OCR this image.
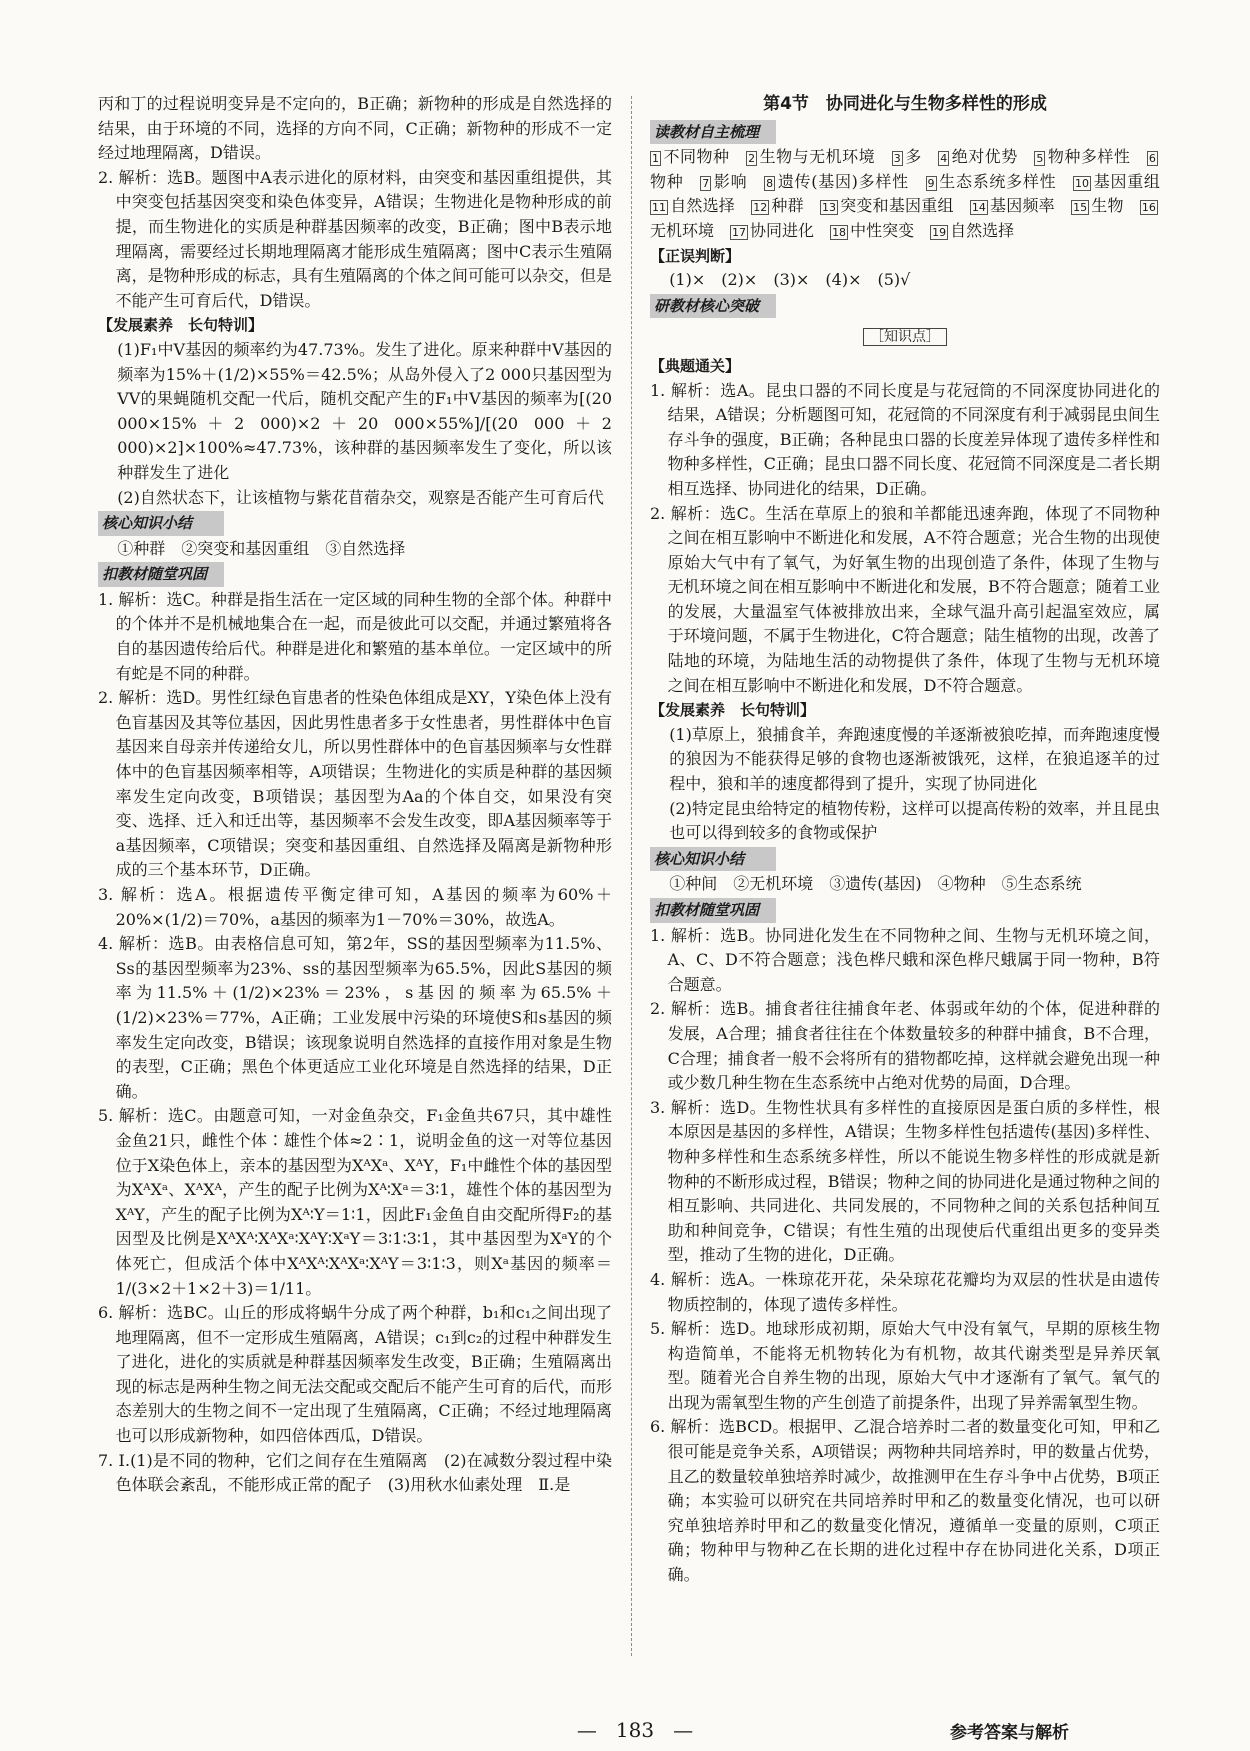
丙和丁的过程说明变异是不定向的，B正确；新物种的形成是自然选择的结果，由于环境的不同，选择的方向不同，C正确；新物种的形成不一定经过地理隔离，D错误。

2. 解析：选B。题图中A表示进化的原材料，由突变和基因重组提供，其中突变包括基因突变和染色体变异，A错误；生物进化是物种形成的前提，而生物进化的实质是种群基因频率的改变，B正确；图中B表示地理隔离，需要经过长期地理隔离才能形成生殖隔离；图中C表示生殖隔离，是物种形成的标志，具有生殖隔离的个体之间可能可以杂交，但是不能产生可育后代，D错误。

【发展素养　长句特训】

(1)F₁中V基因的频率约为47.73%。发生了进化。原来种群中V基因的频率为15%＋(1/2)×55%＝42.5%；从岛外侵入了2 000只基因型为VV的果蝇随机交配一代后，随机交配产生的F₁中V基因的频率为[(20 000×15%＋2 000)×2＋20 000×55%]/[(20 000＋2 000)×2]×100%≈47.73%，该种群的基因频率发生了变化，所以该种群发生了进化

(2)自然状态下，让该植物与紫花苜蓿杂交，观察是否能产生可育后代

核心知识小结

①种群　②突变和基因重组　③自然选择

扣教材随堂巩固

1. 解析：选C。种群是指生活在一定区域的同种生物的全部个体。种群中的个体并不是机械地集合在一起，而是彼此可以交配，并通过繁殖将各自的基因遗传给后代。种群是进化和繁殖的基本单位。一定区域中的所有蛇是不同的种群。

2. 解析：选D。男性红绿色盲患者的性染色体组成是XY，Y染色体上没有色盲基因及其等位基因，因此男性患者多于女性患者，男性群体中色盲基因来自母亲并传递给女儿，所以男性群体中的色盲基因频率与女性群体中的色盲基因频率相等，A项错误；生物进化的实质是种群的基因频率发生定向改变，B项错误；基因型为Aa的个体自交，如果没有突变、选择、迁入和迁出等，基因频率不会发生改变，即A基因频率等于a基因频率，C项错误；突变和基因重组、自然选择及隔离是新物种形成的三个基本环节，D正确。

3. 解析：选A。根据遗传平衡定律可知，A基因的频率为60%＋20%×(1/2)＝70%，a基因的频率为1－70%＝30%，故选A。

4. 解析：选B。由表格信息可知，第2年，SS的基因型频率为11.5%、Ss的基因型频率为23%、ss的基因型频率为65.5%，因此S基因的频率为11.5%＋(1/2)×23%＝23%，s基因的频率为65.5%＋(1/2)×23%＝77%，A正确；工业发展中污染的环境使S和s基因的频率发生定向改变，B错误；该现象说明自然选择的直接作用对象是生物的表型，C正确；黑色个体更适应工业化环境是自然选择的结果，D正确。

5. 解析：选C。由题意可知，一对金鱼杂交，F₁金鱼共67只，其中雄性金鱼21只，雌性个体∶雄性个体≈2∶1，说明金鱼的这一对等位基因位于X染色体上，亲本的基因型为XᴬXᵃ、XᴬY，F₁中雌性个体的基因型为XᴬXᵃ、XᴬXᴬ，产生的配子比例为Xᴬ∶Xᵃ＝3∶1，雄性个体的基因型为XᴬY，产生的配子比例为Xᴬ∶Y＝1∶1，因此F₁金鱼自由交配所得F₂的基因型及比例是XᴬXᴬ∶XᴬXᵃ∶XᴬY∶XᵃY＝3∶1∶3∶1，其中基因型为XᵃY的个体死亡，但成活个体中XᴬXᴬ∶XᴬXᵃ∶XᴬY＝3∶1∶3，则Xᵃ基因的频率＝1/(3×2＋1×2＋3)＝1/11。

6. 解析：选BC。山丘的形成将蜗牛分成了两个种群，b₁和c₁之间出现了地理隔离，但不一定形成生殖隔离，A错误；c₁到c₂的过程中种群发生了进化，进化的实质就是种群基因频率发生改变，B正确；生殖隔离出现的标志是两种生物之间无法交配或交配后不能产生可育的后代，而形态差别大的生物之间不一定出现了生殖隔离，C正确；不经过地理隔离也可以形成新物种，如四倍体西瓜，D错误。

7. Ⅰ.(1)是不同的物种，它们之间存在生殖隔离　(2)在减数分裂过程中染色体联会紊乱，不能形成正常的配子　(3)用秋水仙素处理　Ⅱ.是

第4节　协同进化与生物多样性的形成

读教材自主梳理

1 不同物种　 2 生物与无机环境　 3 多　 4 绝对优势　 5 物种多样性　 6物种　 7 影响　 8 遗传(基因)多样性　 9 生态系统多样性　 10 基因重组　11 自然选择　 12 种群　 13 突变和基因重组　 14 基因频率　 15 生物　 16无机环境　 17 协同进化　 18 中性突变　 19 自然选择

【正误判断】

(1)×　(2)×　(3)×　(4)×　(5)√

研教材核心突破
［知识点］

【典题通关】

1. 解析：选A。昆虫口器的不同长度是与花冠筒的不同深度协同进化的结果，A错误；分析题图可知，花冠筒的不同深度有利于减弱昆虫间生存斗争的强度，B正确；各种昆虫口器的长度差异体现了遗传多样性和物种多样性，C正确；昆虫口器不同长度、花冠筒不同深度是二者长期相互选择、协同进化的结果，D正确。

2. 解析：选C。生活在草原上的狼和羊都能迅速奔跑，体现了不同物种之间在相互影响中不断进化和发展，A不符合题意；光合生物的出现使原始大气中有了氧气，为好氧生物的出现创造了条件，体现了生物与无机环境之间在相互影响中不断进化和发展，B不符合题意；随着工业的发展，大量温室气体被排放出来，全球气温升高引起温室效应，属于环境问题，不属于生物进化，C符合题意；陆生植物的出现，改善了陆地的环境，为陆地生活的动物提供了条件，体现了生物与无机环境之间在相互影响中不断进化和发展，D不符合题意。

【发展素养　长句特训】

(1)草原上，狼捕食羊，奔跑速度慢的羊逐渐被狼吃掉，而奔跑速度慢的狼因为不能获得足够的食物也逐渐被饿死，这样，在狼追逐羊的过程中，狼和羊的速度都得到了提升，实现了协同进化

(2)特定昆虫给特定的植物传粉，这样可以提高传粉的效率，并且昆虫也可以得到较多的食物或保护

核心知识小结

①种间　②无机环境　③遗传(基因)　④物种　⑤生态系统

扣教材随堂巩固

1. 解析：选B。协同进化发生在不同物种之间、生物与无机环境之间，A、C、D不符合题意；浅色桦尺蛾和深色桦尺蛾属于同一物种，B符合题意。

2. 解析：选B。捕食者往往捕食年老、体弱或年幼的个体，促进种群的发展，A合理；捕食者往往在个体数量较多的种群中捕食，B不合理，C合理；捕食者一般不会将所有的猎物都吃掉，这样就会避免出现一种或少数几种生物在生态系统中占绝对优势的局面，D合理。

3. 解析：选D。生物性状具有多样性的直接原因是蛋白质的多样性，根本原因是基因的多样性，A错误；生物多样性包括遗传(基因)多样性、物种多样性和生态系统多样性，所以不能说生物多样性的形成就是新物种的不断形成过程，B错误；物种之间的协同进化是通过物种之间的相互影响、共同进化、共同发展的，不同物种之间的关系包括种间互助和种间竞争，C错误；有性生殖的出现使后代重组出更多的变异类型，推动了生物的进化，D正确。

4. 解析：选A。一株琼花开花，朵朵琼花花瓣均为双层的性状是由遗传物质控制的，体现了遗传多样性。

5. 解析：选D。地球形成初期，原始大气中没有氧气，早期的原核生物构造简单，不能将无机物转化为有机物，故其代谢类型是异养厌氧型。随着光合自养生物的出现，原始大气中才逐渐有了氧气。氧气的出现为需氧型生物的产生创造了前提条件，出现了异养需氧型生物。

6. 解析：选BCD。根据甲、乙混合培养时二者的数量变化可知，甲和乙很可能是竞争关系，A项错误；两物种共同培养时，甲的数量占优势，且乙的数量较单独培养时减少，故推测甲在生存斗争中占优势，B项正确；本实验可以研究在共同培养时甲和乙的数量变化情况，也可以研究单独培养时甲和乙的数量变化情况，遵循单一变量的原则，C项正确；物种甲与物种乙在长期的进化过程中存在协同进化关系，D项正确。

— 183 —	参考答案与解析
